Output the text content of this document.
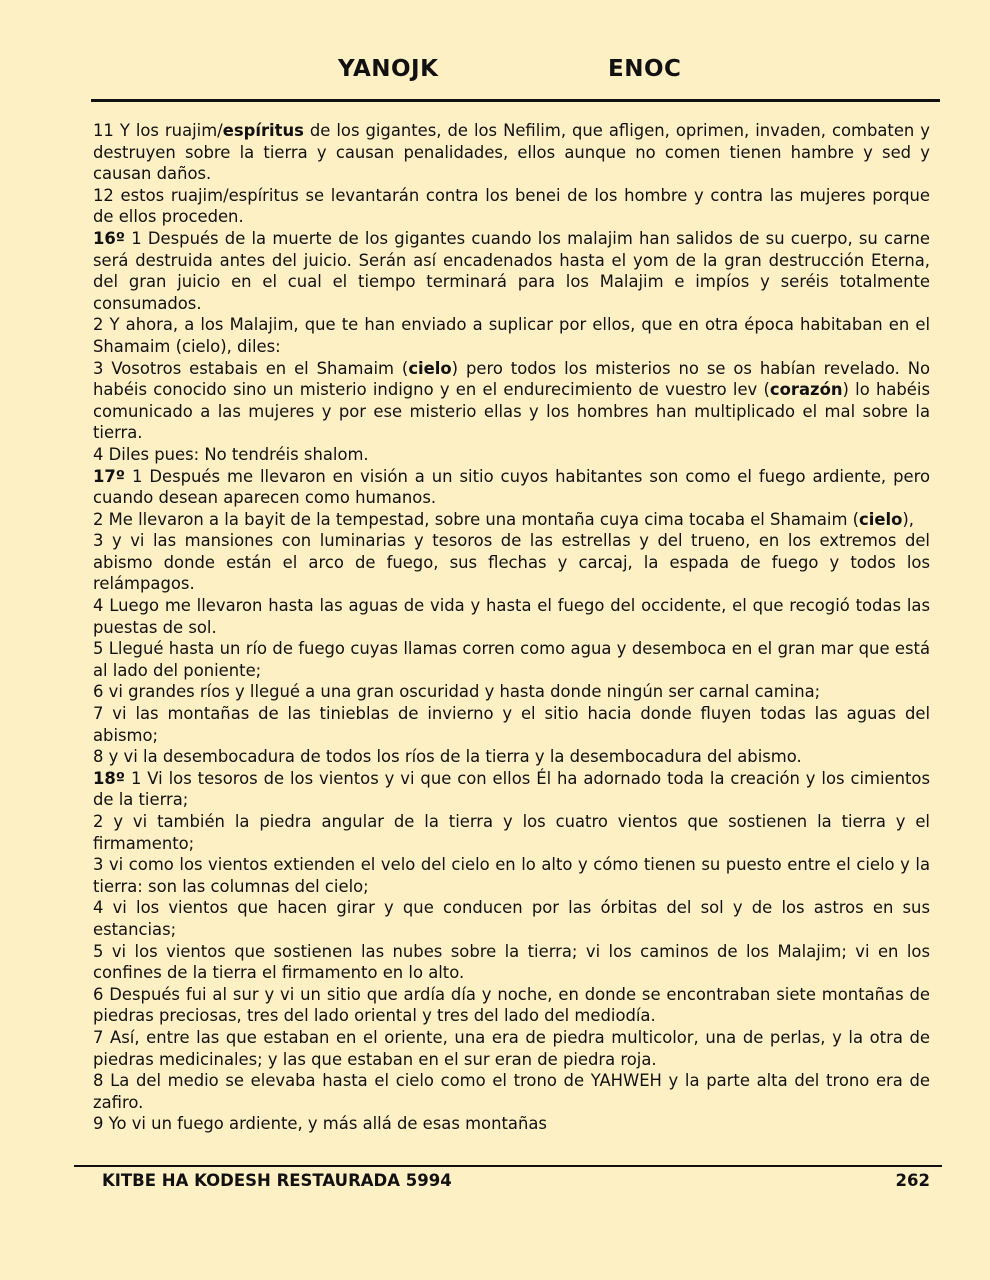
YANOJK	ENOC

11 Y los ruajim/espíritus de los gigantes, de los Nefilim, que afligen, oprimen, invaden, combaten y destruyen sobre la tierra y causan penalidades, ellos aunque no comen tienen hambre y sed y causan daños.

12 estos ruajim/espíritus se levantarán contra los benei de los hombre y contra las mujeres porque de ellos proceden.

16º 1 Después de la muerte de los gigantes cuando los malajim han salidos de su cuerpo, su carne será destruida antes del juicio. Serán así encadenados hasta el yom de la gran destrucción Eterna, del gran juicio en el cual el tiempo terminará para los Malajim e impíos y seréis totalmente consumados.

2 Y ahora, a los Malajim, que te han enviado a suplicar por ellos, que en otra época habitaban en el Shamaim (cielo), diles:

3 Vosotros estabais en el Shamaim (cielo) pero todos los misterios no se os habían revelado. No habéis conocido sino un misterio indigno y en el endurecimiento de vuestro lev (corazón) lo habéis comunicado a las mujeres y por ese misterio ellas y los hombres han multiplicado el mal sobre la tierra.

4 Diles pues: No tendréis shalom.

17º 1 Después me llevaron en visión a un sitio cuyos habitantes son como el fuego ardiente, pero cuando desean aparecen como humanos.

2 Me llevaron a la bayit de la tempestad, sobre una montaña cuya cima tocaba el Shamaim (cielo),

3 y vi las mansiones con luminarias y tesoros de las estrellas y del trueno, en los extremos del abismo donde están el arco de fuego, sus flechas y carcaj, la espada de fuego y todos los relámpagos.

4 Luego me llevaron hasta las aguas de vida y hasta el fuego del occidente, el que recogió todas las puestas de sol.

5 Llegué hasta un río de fuego cuyas llamas corren como agua y desemboca en el gran mar que está al lado del poniente;

6 vi grandes ríos y llegué a una gran oscuridad y hasta donde ningún ser carnal camina;

7 vi las montañas de las tinieblas de invierno y el sitio hacia donde fluyen todas las aguas del abismo;

8 y vi la desembocadura de todos los ríos de la tierra y la desembocadura del abismo.

18º 1 Vi los tesoros de los vientos y vi que con ellos Él ha adornado toda la creación y los cimientos de la tierra;

2 y vi también la piedra angular de la tierra y los cuatro vientos que sostienen la tierra y el firmamento;

3 vi como los vientos extienden el velo del cielo en lo alto y cómo tienen su puesto entre el cielo y la tierra: son las columnas del cielo;

4 vi los vientos que hacen girar y que conducen por las órbitas del sol y de los astros en sus estancias;

5 vi los vientos que sostienen las nubes sobre la tierra; vi los caminos de los Malajim; vi en los confines de la tierra el firmamento en lo alto.

6 Después fui al sur y vi un sitio que ardía día y noche, en donde se encontraban siete montañas de piedras preciosas, tres del lado oriental y tres del lado del mediodía.

7 Así, entre las que estaban en el oriente, una era de piedra multicolor, una de perlas, y la otra de piedras medicinales; y las que estaban en el sur eran de piedra roja.

8 La del medio se elevaba hasta el cielo como el trono de YAHWEH y la parte alta del trono era de zafiro.

9 Yo vi un fuego ardiente, y más allá de esas montañas

KITBE HA KODESH RESTAURADA 5994	262
